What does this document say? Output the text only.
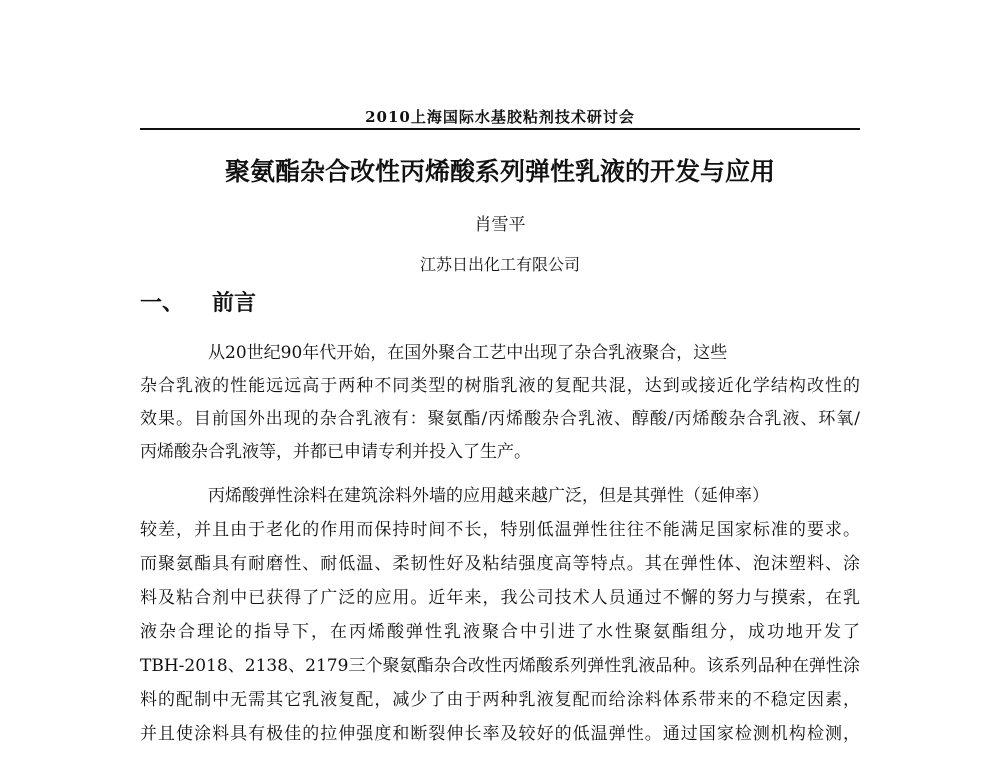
2010上海国际水基胶粘剂技术研讨会
聚氨酯杂合改性丙烯酸系列弹性乳液的开发与应用
肖雪平
江苏日出化工有限公司
一、 前言
从20世纪90年代开始，在国外聚合工艺中出现了杂合乳液聚合，这些
杂合乳液的性能远远高于两种不同类型的树脂乳液的复配共混，达到或接近化学结构改性的
效果。目前国外出现的杂合乳液有：聚氨酯/丙烯酸杂合乳液、醇酸/丙烯酸杂合乳液、环氧/
丙烯酸杂合乳液等，并都已申请专利并投入了生产。
丙烯酸弹性涂料在建筑涂料外墙的应用越来越广泛，但是其弹性（延伸率）
较差，并且由于老化的作用而保持时间不长，特别低温弹性往往不能满足国家标准的要求。
而聚氨酯具有耐磨性、耐低温、柔韧性好及粘结强度高等特点。其在弹性体、泡沫塑料、涂
料及粘合剂中已获得了广泛的应用。近年来，我公司技术人员通过不懈的努力与摸索，在乳
液杂合理论的指导下，在丙烯酸弹性乳液聚合中引进了水性聚氨酯组分，成功地开发了
TBH-2018、2138、2179三个聚氨酯杂合改性丙烯酸系列弹性乳液品种。该系列品种在弹性涂
料的配制中无需其它乳液复配，减少了由于两种乳液复配而给涂料体系带来的不稳定因素，
并且使涂料具有极佳的拉伸强度和断裂伸长率及较好的低温弹性。通过国家检测机构检测，
